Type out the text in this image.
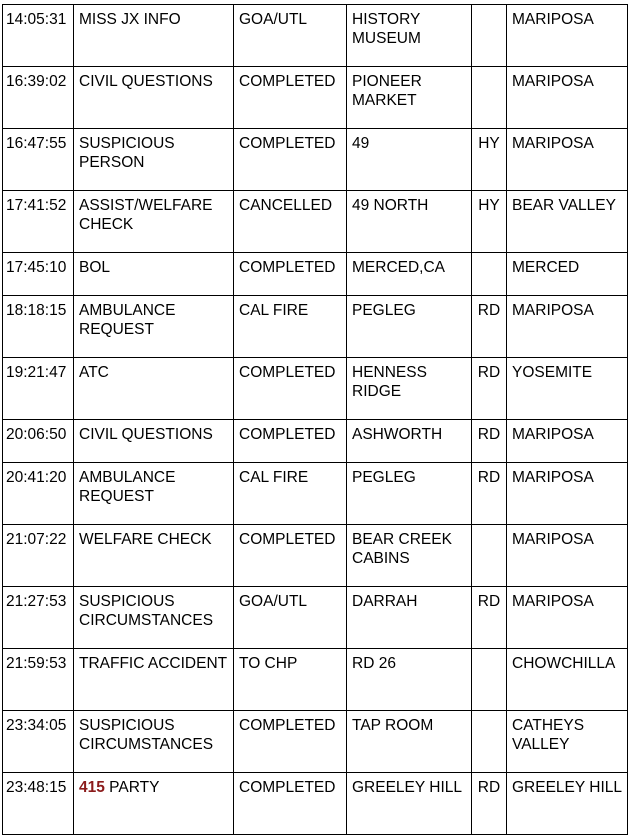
14:05:31	MISS JX INFO	GOA/UTL	HISTORY MUSEUM		MARIPOSA
16:39:02	CIVIL QUESTIONS	COMPLETED	PIONEER MARKET		MARIPOSA
16:47:55	SUSPICIOUS PERSON	COMPLETED	49	HY	MARIPOSA
17:41:52	ASSIST/WELFARE CHECK	CANCELLED	49 NORTH	HY	BEAR VALLEY
17:45:10	BOL	COMPLETED	MERCED,CA		MERCED
18:18:15	AMBULANCE REQUEST	CAL FIRE	PEGLEG	RD	MARIPOSA
19:21:47	ATC	COMPLETED	HENNESS RIDGE	RD	YOSEMITE
20:06:50	CIVIL QUESTIONS	COMPLETED	ASHWORTH	RD	MARIPOSA
20:41:20	AMBULANCE REQUEST	CAL FIRE	PEGLEG	RD	MARIPOSA
21:07:22	WELFARE CHECK	COMPLETED	BEAR CREEK CABINS		MARIPOSA
21:27:53	SUSPICIOUS CIRCUMSTANCES	GOA/UTL	DARRAH	RD	MARIPOSA
21:59:53	TRAFFIC ACCIDENT	TO CHP	RD 26		CHOWCHILLA
23:34:05	SUSPICIOUS CIRCUMSTANCES	COMPLETED	TAP ROOM		CATHEYS VALLEY
23:48:15	415 PARTY	COMPLETED	GREELEY HILL	RD	GREELEY HILL
